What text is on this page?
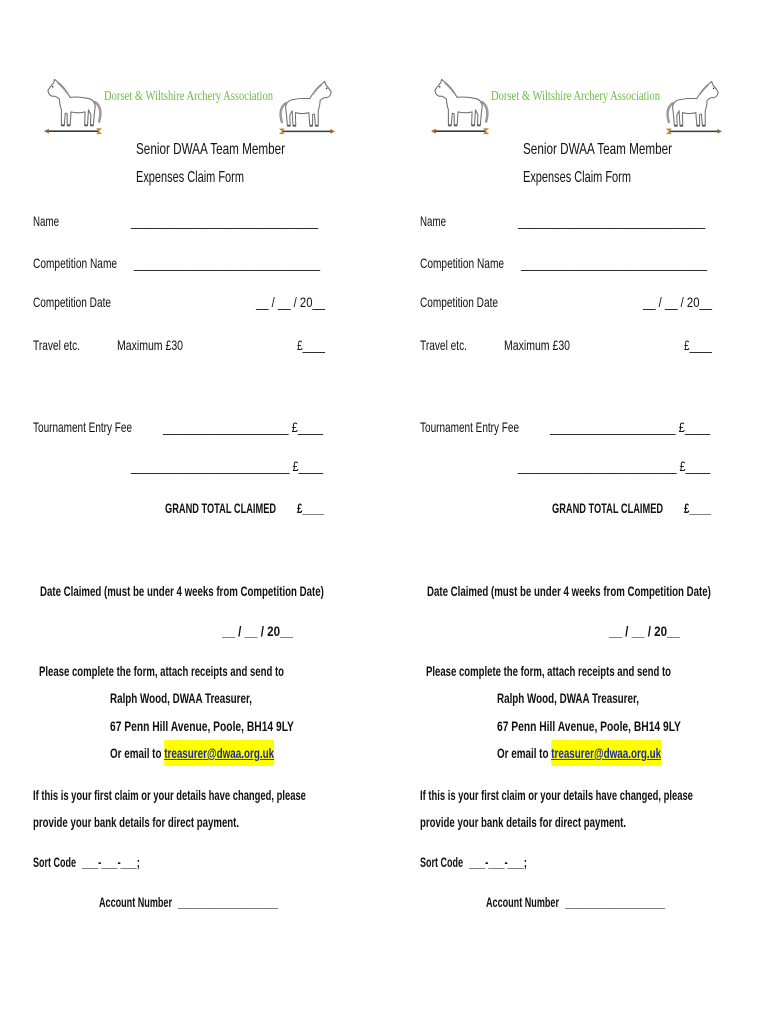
Dorset & Wiltshire Archery Association
Senior DWAA Team Member
Expenses Claim Form
Name	________________________________
Competition Name ________________________________
Competition Date	__ / __ / 20__
Travel etc.	Maximum £30	£____
Tournament Entry Fee ____________________ £____
__________________________ £____
GRAND TOTAL CLAIMED £____
Date Claimed (must be under 4 weeks from Competition Date)
__ / __ / 20__
Please complete the form, attach receipts and send to
Ralph Wood, DWAA Treasurer,
67 Penn Hill Avenue, Poole, BH14 9LY
Or email to treasurer@dwaa.org.uk
If this is your first claim or your details have changed, please
provide your bank details for direct payment.
Sort Code ___-___-___;
Account Number ________________
Dorset & Wiltshire Archery Association
Senior DWAA Team Member
Expenses Claim Form
Name	________________________________
Competition Name ________________________________
Competition Date	__ / __ / 20__
Travel etc.	Maximum £30	£____
Tournament Entry Fee ____________________ £____
__________________________ £____
GRAND TOTAL CLAIMED £____
Date Claimed (must be under 4 weeks from Competition Date)
__ / __ / 20__
Please complete the form, attach receipts and send to
Ralph Wood, DWAA Treasurer,
67 Penn Hill Avenue, Poole, BH14 9LY
Or email to treasurer@dwaa.org.uk
If this is your first claim or your details have changed, please
provide your bank details for direct payment.
Sort Code ___-___-___;
Account Number ________________
